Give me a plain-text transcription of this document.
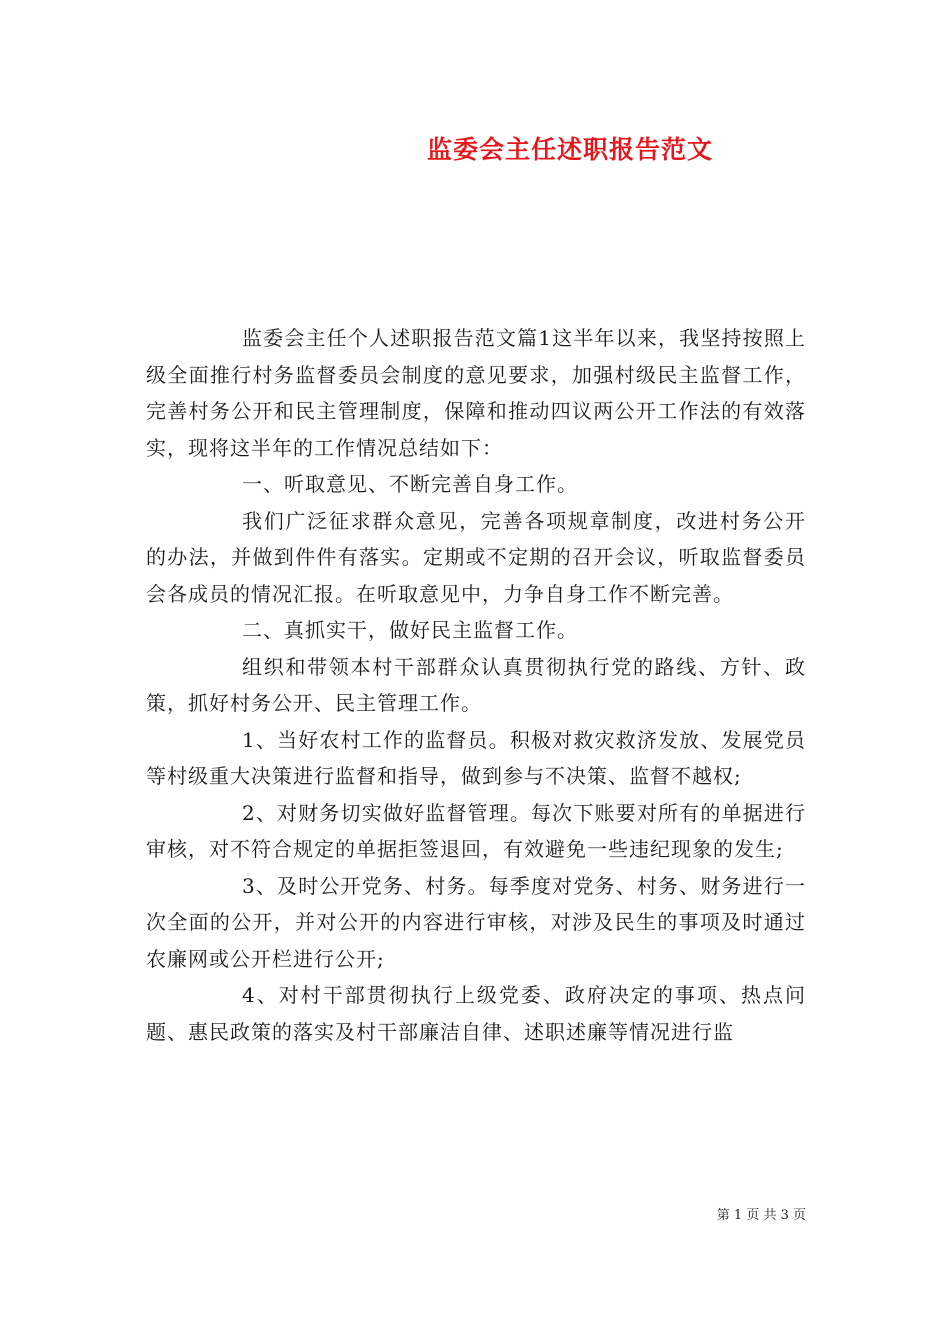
监委会主任述职报告范文

监委会主任个人述职报告范文篇1这半年以来，我坚持按照上级全面推行村务监督委员会制度的意见要求，加强村级民主监督工作，完善村务公开和民主管理制度，保障和推动四议两公开工作法的有效落实，现将这半年的工作情况总结如下：

一、听取意见、不断完善自身工作。

我们广泛征求群众意见，完善各项规章制度，改进村务公开的办法，并做到件件有落实。定期或不定期的召开会议，听取监督委员会各成员的情况汇报。在听取意见中，力争自身工作不断完善。

二、真抓实干，做好民主监督工作。

组织和带领本村干部群众认真贯彻执行党的路线、方针、政策，抓好村务公开、民主管理工作。

1、当好农村工作的监督员。积极对救灾救济发放、发展党员等村级重大决策进行监督和指导，做到参与不决策、监督不越权;

2、对财务切实做好监督管理。每次下账要对所有的单据进行审核，对不符合规定的单据拒签退回，有效避免一些违纪现象的发生;

3、及时公开党务、村务。每季度对党务、村务、财务进行一次全面的公开，并对公开的内容进行审核，对涉及民生的事项及时通过农廉网或公开栏进行公开;

4、对村干部贯彻执行上级党委、政府决定的事项、热点问题、惠民政策的落实及村干部廉洁自律、述职述廉等情况进行监

第 1 页 共 3 页
